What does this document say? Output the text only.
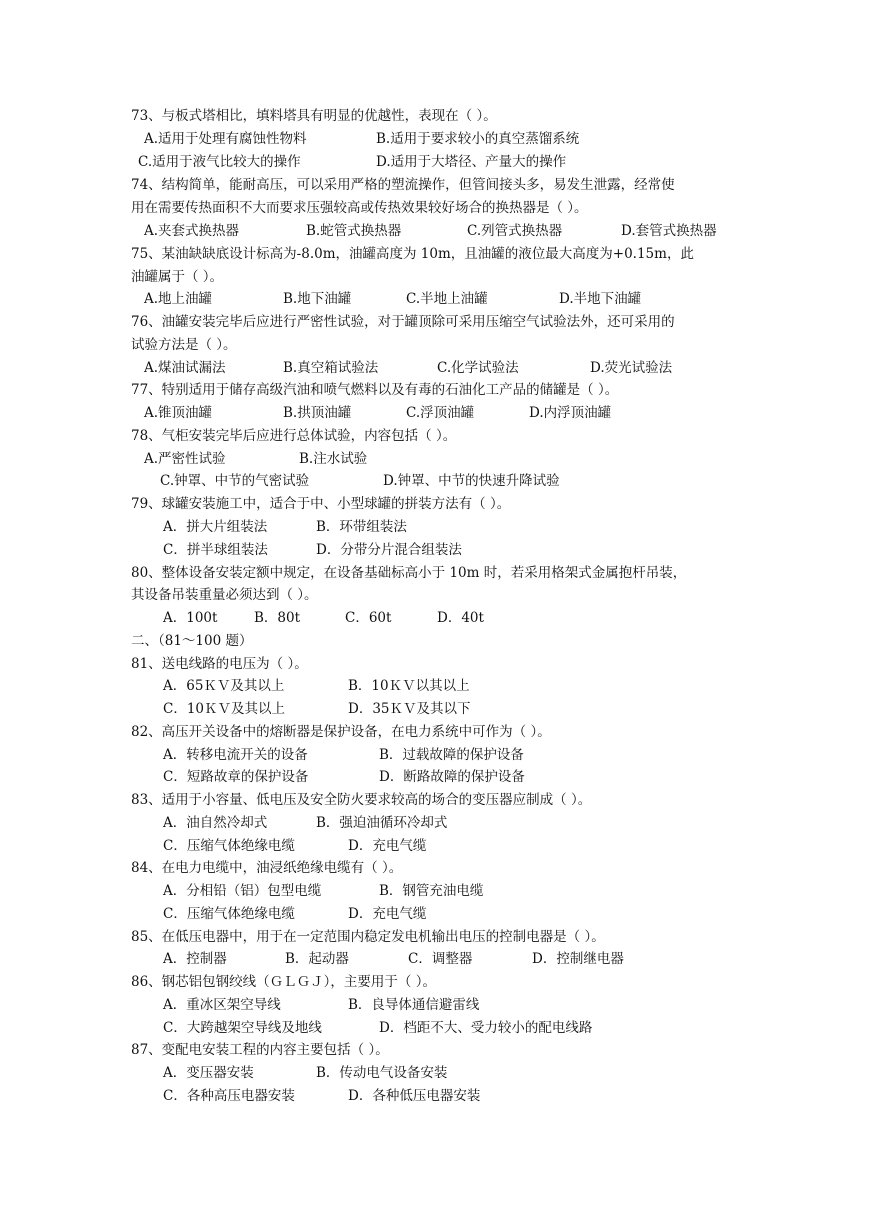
73、与板式塔相比，填料塔具有明显的优越性，表现在（ ）。
A.适用于处理有腐蚀性物料	B.适用于要求较小的真空蒸馏系统
C.适用于液气比较大的操作	D.适用于大塔径、产量大的操作
74、结构简单，能耐高压，可以采用严格的塑流操作，但管间接头多，易发生泄露，经常使
用在需要传热面积不大而要求压强较高或传热效果较好场合的换热器是（ ）。
A.夹套式换热器	B.蛇管式换热器	C.列管式换热器	D.套管式换热器
75、某油缺缺底设计标高为-8.0m，油罐高度为 10m，且油罐的液位最大高度为+0.15m，此
油罐属于（ ）。
A.地上油罐	B.地下油罐	C.半地上油罐	D.半地下油罐
76、油罐安装完毕后应进行严密性试验，对于罐顶除可采用压缩空气试验法外，还可采用的
试验方法是（ ）。
A.煤油试漏法	B.真空箱试验法	C.化学试验法	D.荧光试验法
77、特别适用于储存高级汽油和喷气燃料以及有毒的石油化工产品的储罐是（ ）。
A.锥顶油罐	B.拱顶油罐	C.浮顶油罐	D.内浮顶油罐
78、气柜安装完毕后应进行总体试验，内容包括（ ）。
A.严密性试验	B.注水试验
C.钟罩、中节的气密试验	D.钟罩、中节的快速升降试验
79、球罐安装施工中，适合于中、小型球罐的拼装方法有（ ）。
A．拼大片组装法	B．环带组装法
C．拼半球组装法	D．分带分片混合组装法
80、整体设备安装定额中规定，在设备基础标高小于 10m 时，若采用格架式金属抱杆吊装，
其设备吊装重量必须达到（ ）。
A．100t	B．80t	C．60t	D．40t
二、（81～100 题）
81、送电线路的电压为（ ）。
A．65ＫＶ及其以上	B．10ＫＶ以其以上
C．10ＫＶ及其以上	D．35ＫＶ及其以下
82、高压开关设备中的熔断器是保护设备，在电力系统中可作为（ ）。
A．转移电流开关的设备	B．过载故障的保护设备
C．短路故章的保护设备	D．断路故障的保护设备
83、适用于小容量、低电压及安全防火要求较高的场合的变压器应制成（ ）。
A．油自然冷却式	B．强迫油循环冷却式
C．压缩气体绝缘电缆	D．充电气缆
84、在电力电缆中，油浸纸绝缘电缆有（ ）。
A．分相铅（铝）包型电缆	B．钢管充油电缆
C．压缩气体绝缘电缆	D．充电气缆
85、在低压电器中，用于在一定范围内稳定发电机输出电压的控制电器是（ ）。
A．控制器	B．起动器	C．调整器	D．控制继电器
86、钢芯铝包钢绞线（ＧＬＧＪ），主要用于（ ）。
A．重冰区架空导线	B．良导体通信避雷线
C．大跨越架空导线及地线	D．档距不大、受力较小的配电线路
87、变配电安装工程的内容主要包括（ ）。
A．变压器安装	B．传动电气设备安装
C．各种高压电器安装	D．各种低压电器安装
